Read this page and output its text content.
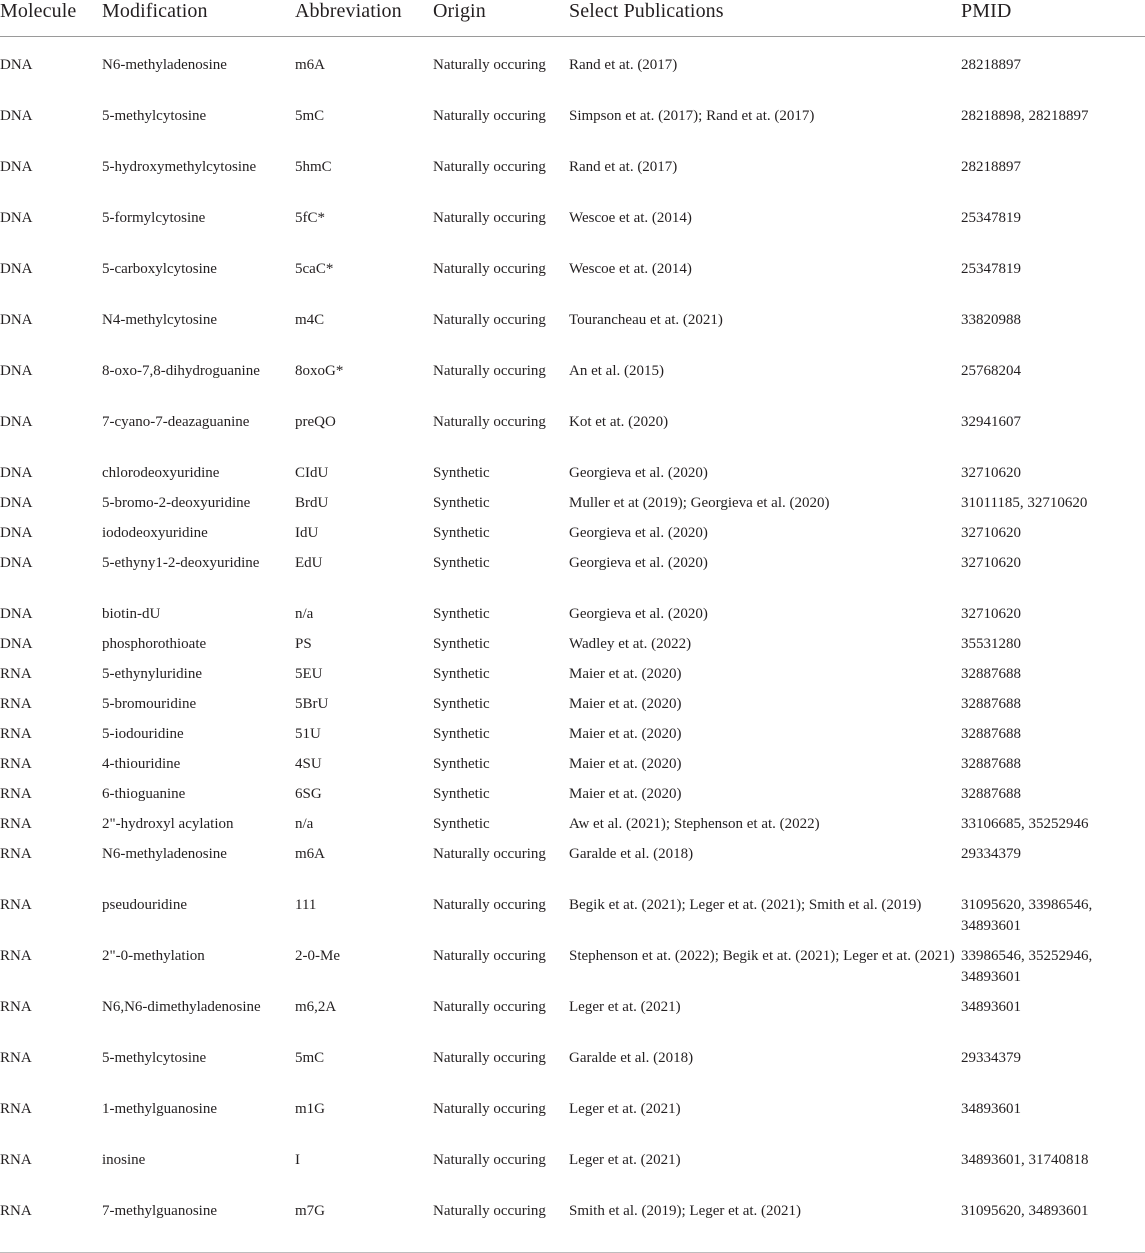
Molecule	Modification	Abbreviation	Origin	Select Publications	PMID
DNA	N6-methyladenosine	m6A	Naturally occuring	Rand et at. (2017)	28218897
DNA	5-methylcytosine	5mC	Naturally occuring	Simpson et at. (2017); Rand et at. (2017)	28218898, 28218897
DNA	5-hydroxymethylcytosine	5hmC	Naturally occuring	Rand et at. (2017)	28218897
DNA	5-formylcytosine	5fC*	Naturally occuring	Wescoe et at. (2014)	25347819
DNA	5-carboxylcytosine	5caC*	Naturally occuring	Wescoe et at. (2014)	25347819
DNA	N4-methylcytosine	m4C	Naturally occuring	Tourancheau et at. (2021)	33820988
DNA	8-oxo-7,8-dihydroguanine	8oxoG*	Naturally occuring	An et al. (2015)	25768204
DNA	7-cyano-7-deazaguanine	preQO	Naturally occuring	Kot et at. (2020)	32941607
DNA	chlorodeoxyuridine	CIdU	Synthetic	Georgieva et al. (2020)	32710620
DNA	5-bromo-2-deoxyuridine	BrdU	Synthetic	Muller et at (2019); Georgieva et al. (2020)	31011185, 32710620
DNA	iododeoxyuridine	IdU	Synthetic	Georgieva et al. (2020)	32710620
DNA	5-ethyny1-2-deoxyuridine	EdU	Synthetic	Georgieva et al. (2020)	32710620
DNA	biotin-dU	n/a	Synthetic	Georgieva et al. (2020)	32710620
DNA	phosphorothioate	PS	Synthetic	Wadley et at. (2022)	35531280
RNA	5-ethynyluridine	5EU	Synthetic	Maier et at. (2020)	32887688
RNA	5-bromouridine	5BrU	Synthetic	Maier et at. (2020)	32887688
RNA	5-iodouridine	51U	Synthetic	Maier et at. (2020)	32887688
RNA	4-thiouridine	4SU	Synthetic	Maier et at. (2020)	32887688
RNA	6-thioguanine	6SG	Synthetic	Maier et at. (2020)	32887688
RNA	2"-hydroxyl acylation	n/a	Synthetic	Aw et al. (2021); Stephenson et at. (2022)	33106685, 35252946
RNA	N6-methyladenosine	m6A	Naturally occuring	Garalde et al. (2018)	29334379
RNA	pseudouridine	111	Naturally occuring	Begik et at. (2021); Leger et at. (2021); Smith et al. (2019)	31095620, 33986546, 34893601
RNA	2"-0-methylation	2-0-Me	Naturally occuring	Stephenson et at. (2022); Begik et at. (2021); Leger et at. (2021)	33986546, 35252946, 34893601
RNA	N6,N6-dimethyladenosine	m6,2A	Naturally occuring	Leger et at. (2021)	34893601
RNA	5-methylcytosine	5mC	Naturally occuring	Garalde et al. (2018)	29334379
RNA	1-methylguanosine	m1G	Naturally occuring	Leger et at. (2021)	34893601
RNA	inosine	I	Naturally occuring	Leger et at. (2021)	34893601, 31740818
RNA	7-methylguanosine	m7G	Naturally occuring	Smith et al. (2019); Leger et at. (2021)	31095620, 34893601
